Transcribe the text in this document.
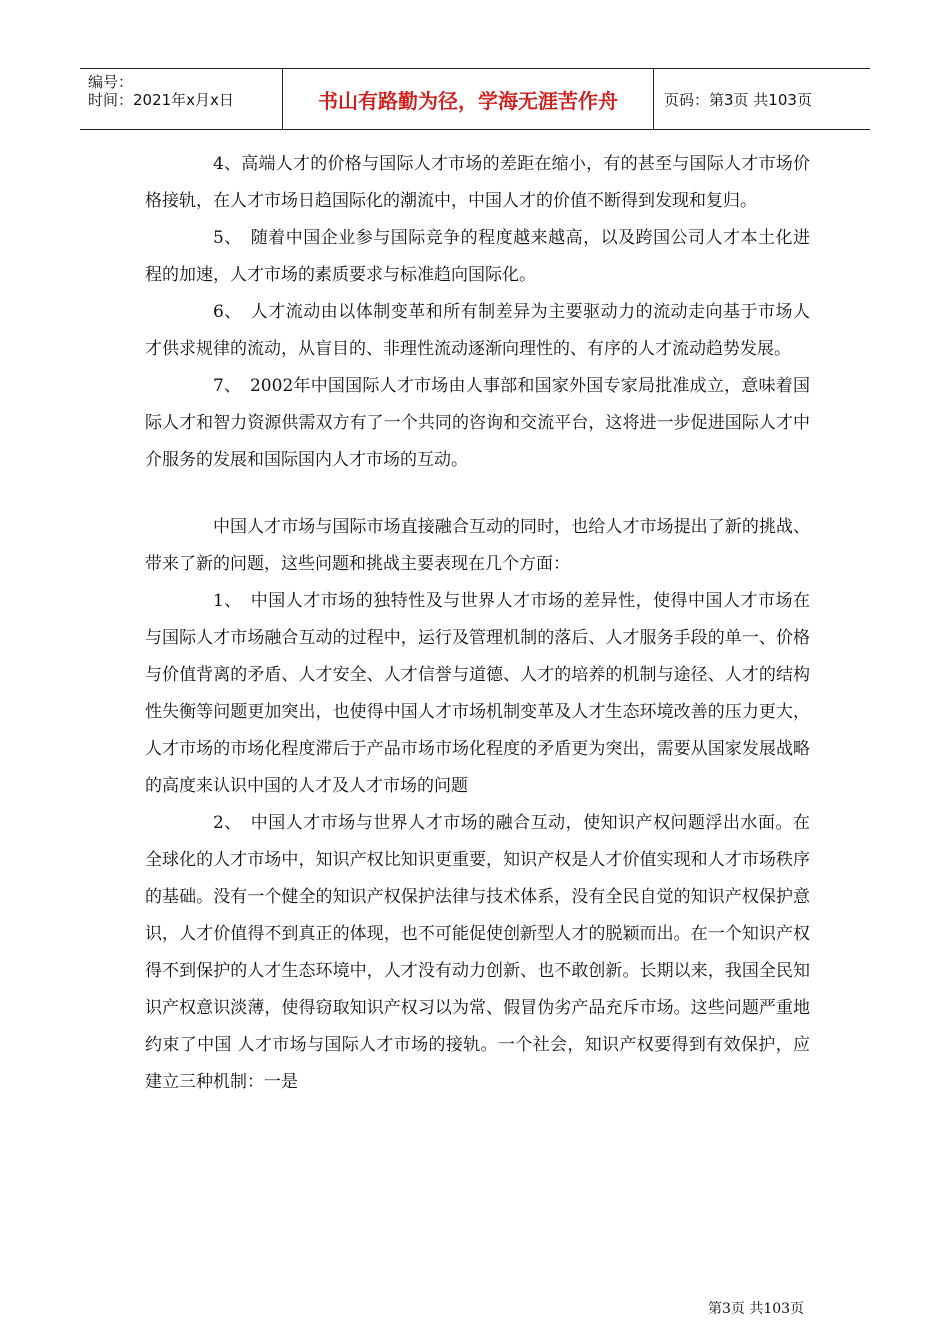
编号：
时间：2021年x月x日	书山有路勤为径，学海无涯苦作舟	页码：第3页 共103页

4、高端人才的价格与国际人才市场的差距在缩小，有的甚至与国际人才市场价格接轨，在人才市场日趋国际化的潮流中，中国人才的价值不断得到发现和复归。

5、　随着中国企业参与国际竞争的程度越来越高，以及跨国公司人才本土化进程的加速，人才市场的素质要求与标准趋向国际化。

6、　人才流动由以体制变革和所有制差异为主要驱动力的流动走向基于市场人才供求规律的流动，从盲目的、非理性流动逐渐向理性的、有序的人才流动趋势发展。

7、　2002年中国国际人才市场由人事部和国家外国专家局批准成立，意味着国际人才和智力资源供需双方有了一个共同的咨询和交流平台，这将进一步促进国际人才中介服务的发展和国际国内人才市场的互动。

中国人才市场与国际市场直接融合互动的同时，也给人才市场提出了新的挑战、带来了新的问题，这些问题和挑战主要表现在几个方面：

1、　中国人才市场的独特性及与世界人才市场的差异性，使得中国人才市场在与国际人才市场融合互动的过程中，运行及管理机制的落后、人才服务手段的单一、价格与价值背离的矛盾、人才安全、人才信誉与道德、人才的培养的机制与途径、人才的结构性失衡等问题更加突出，也使得中国人才市场机制变革及人才生态环境改善的压力更大，人才市场的市场化程度滞后于产品市场市场化程度的矛盾更为突出，需要从国家发展战略的高度来认识中国的人才及人才市场的问题

2、　中国人才市场与世界人才市场的融合互动，使知识产权问题浮出水面。在全球化的人才市场中，知识产权比知识更重要，知识产权是人才价值实现和人才市场秩序的基础。没有一个健全的知识产权保护法律与技术体系，没有全民自觉的知识产权保护意识，人才价值得不到真正的体现，也不可能促使创新型人才的脱颖而出。在一个知识产权得不到保护的人才生态环境中，人才没有动力创新、也不敢创新。长期以来，我国全民知识产权意识淡薄，使得窃取知识产权习以为常、假冒伪劣产品充斥市场。这些问题严重地约束了中国 人才市场与国际人才市场的接轨。一个社会，知识产权要得到有效保护，应建立三种机制：一是

第3页 共103页
